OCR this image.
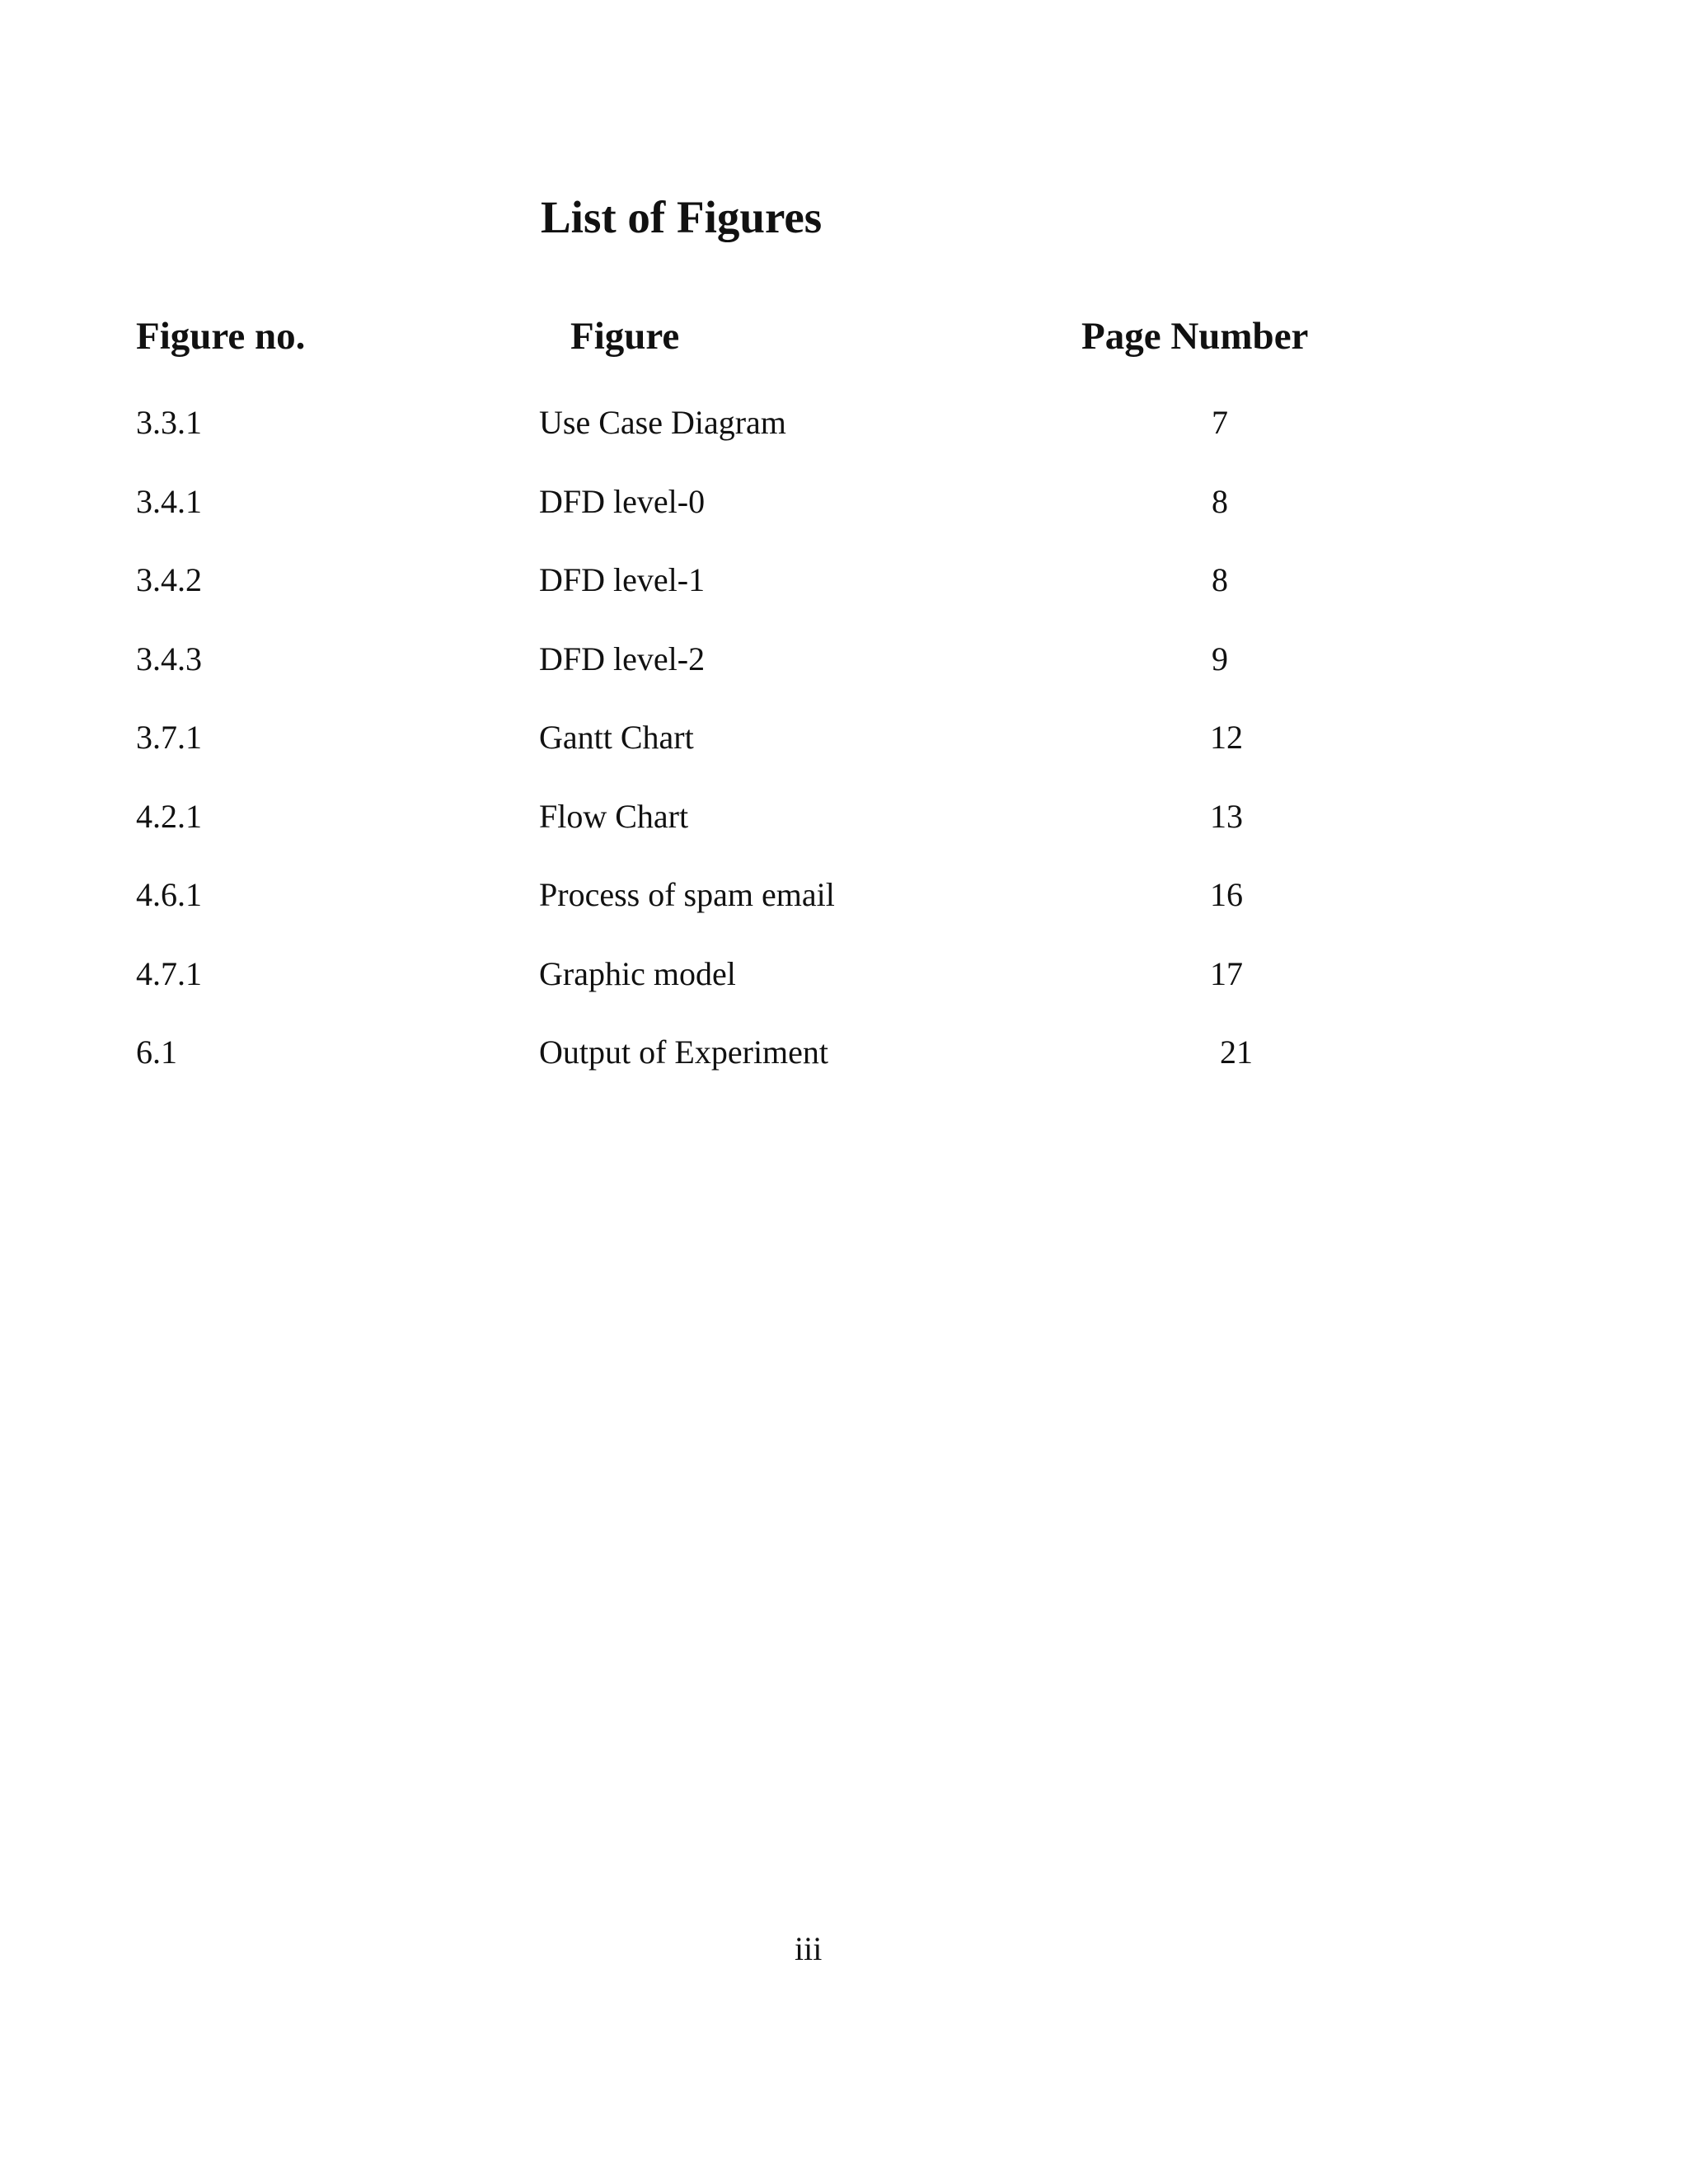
List of Figures
Figure no.	Figure	Page Number
3.3.1	Use Case Diagram	7
3.4.1	DFD level-0	8
3.4.2	DFD level-1	8
3.4.3	DFD level-2	9
3.7.1	Gantt Chart	12
4.2.1	Flow Chart	13
4.6.1	Process of spam email	16
4.7.1	Graphic model	17
6.1	Output of Experiment	21
iii
